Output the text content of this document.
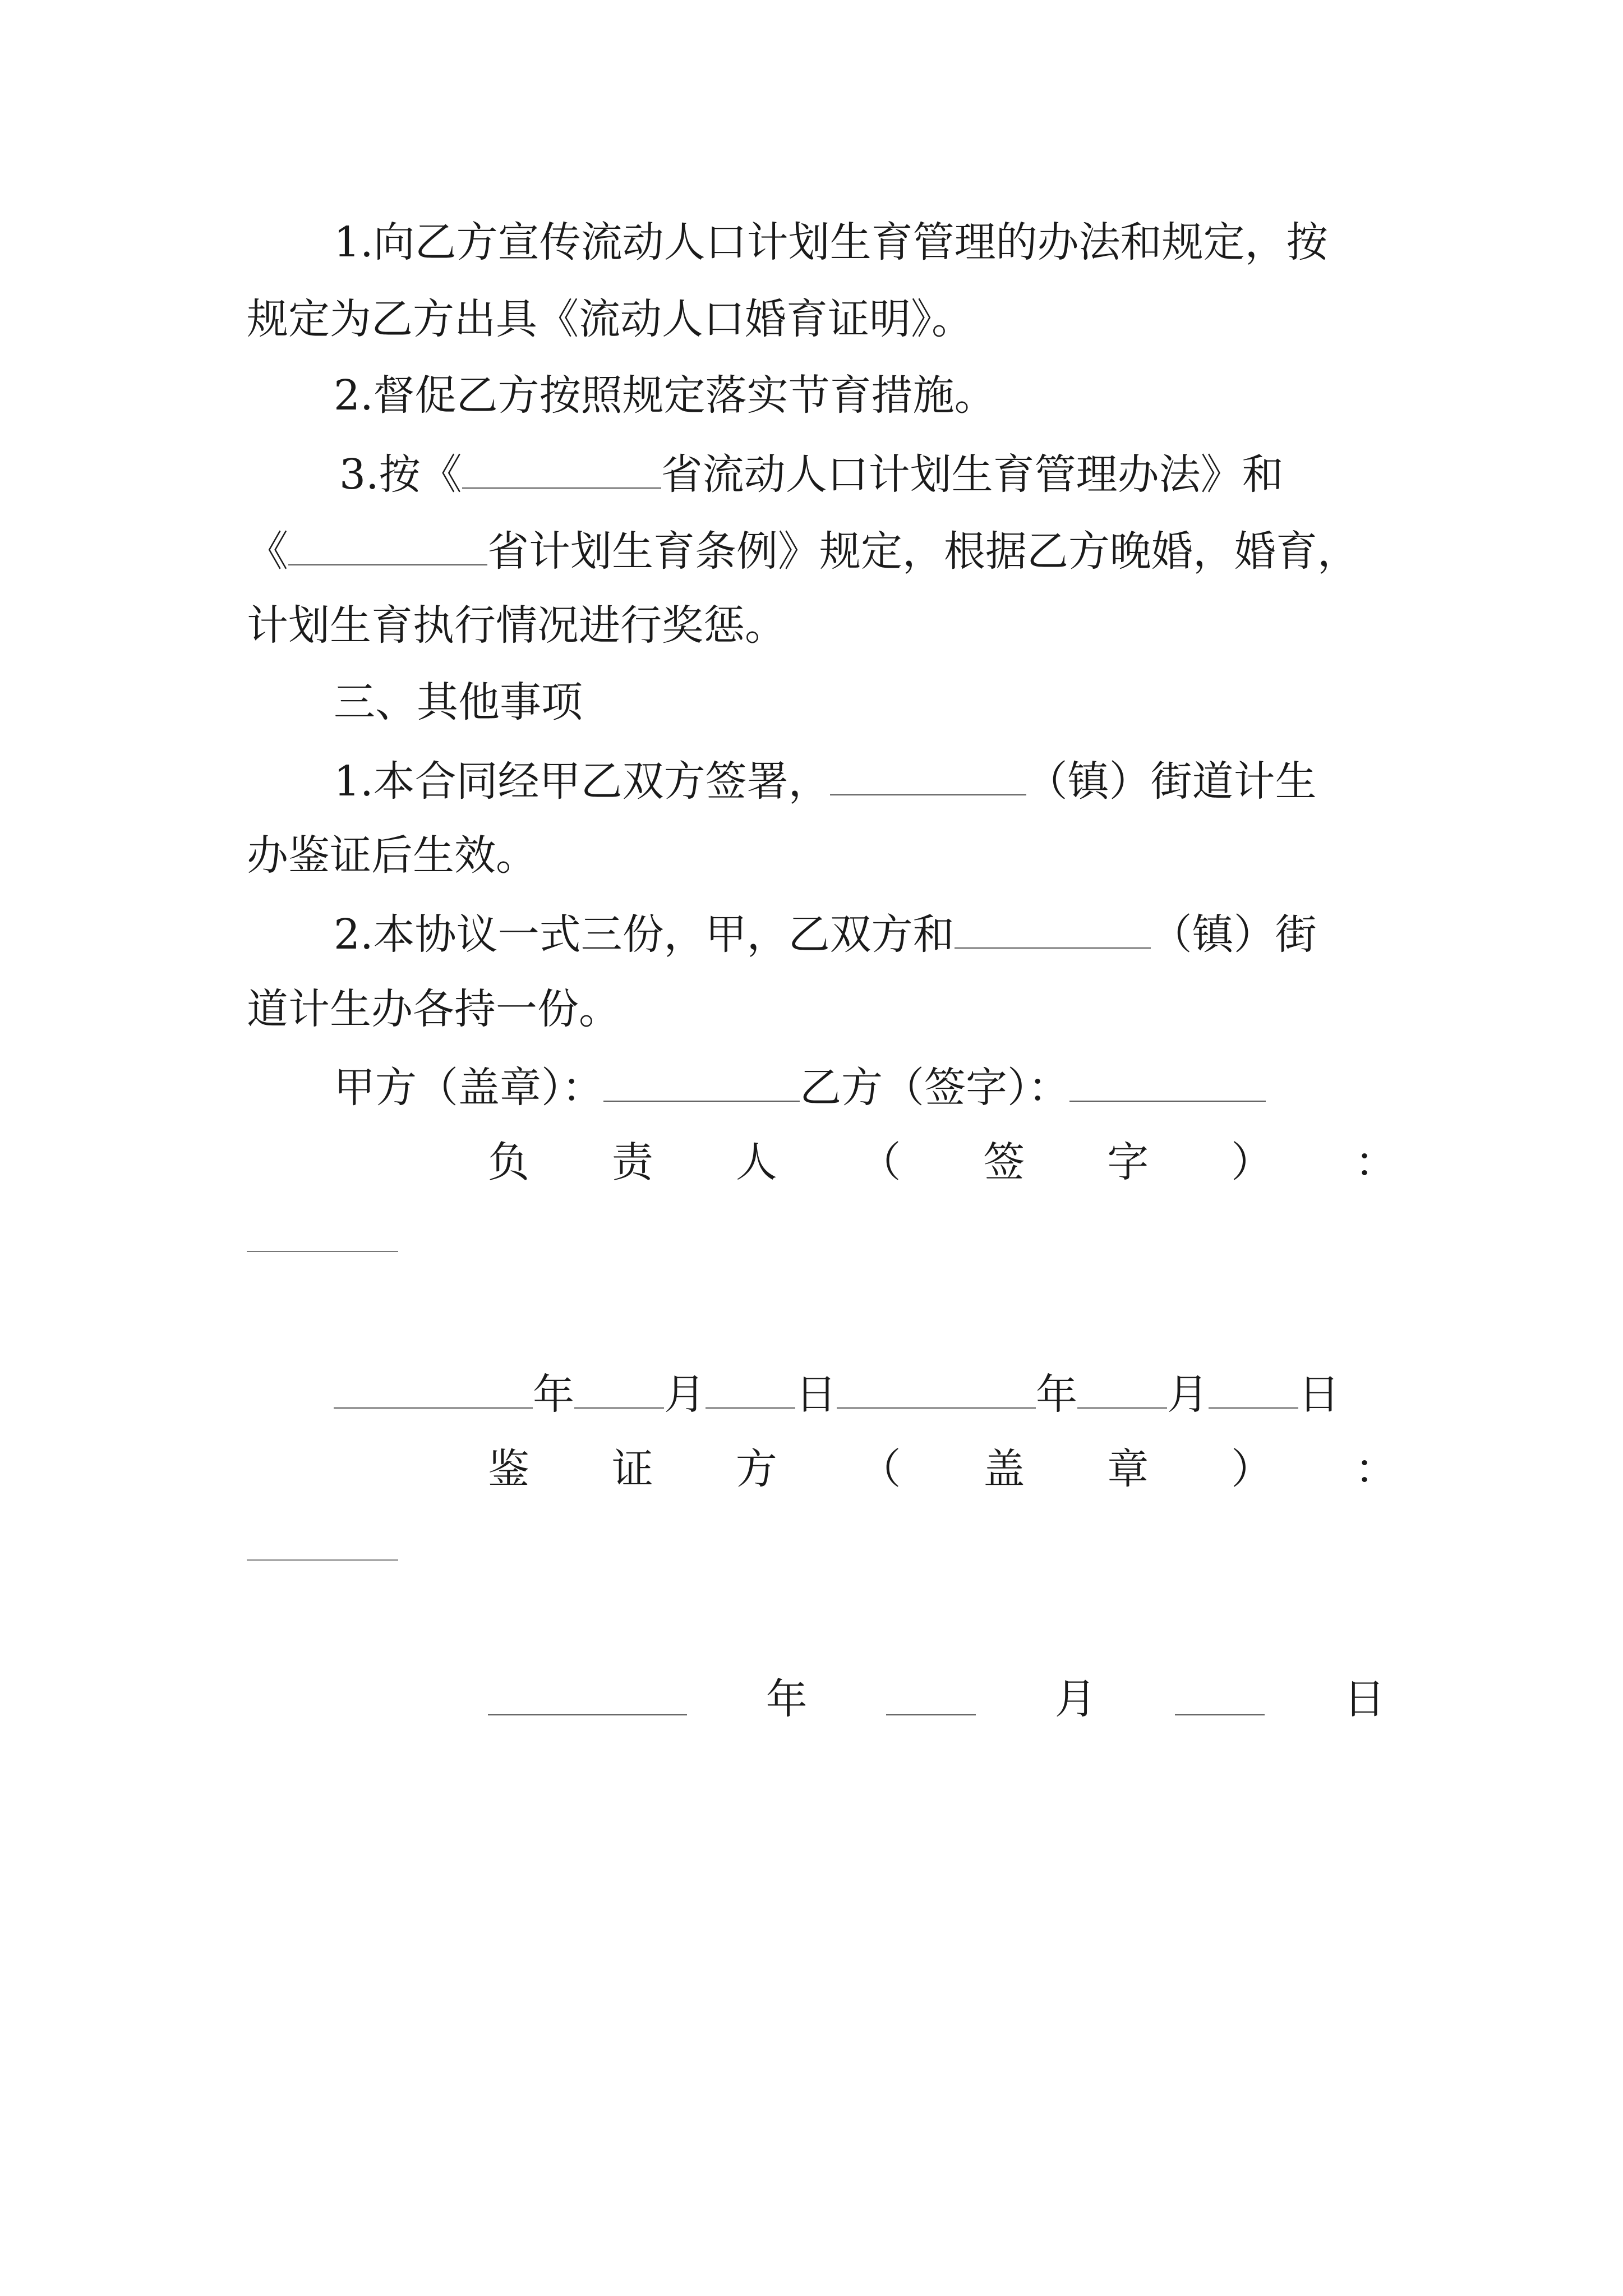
1.向乙方宣传流动人口计划生育管理的办法和规定，按
规定为乙方出具《流动人口婚育证明》。
2.督促乙方按照规定落实节育措施。
3.按《	省流动人口计划生育管理办法》和
《	省计划生育条例》规定，根据乙方晚婚，婚育，
计划生育执行情况进行奖惩。
三、其他事项
1.本合同经甲乙双方签署，	（镇）街道计生
办鉴证后生效。
2.本协议一式三份，甲，乙双方和	（镇）街
道计生办各持一份。
甲方（盖章）：	乙方（签字）：
负 责 人 （ 签 字 ） ：
年 月 日	年 月 日
鉴 证 方 （ 盖 章 ） ：
年	月	日
